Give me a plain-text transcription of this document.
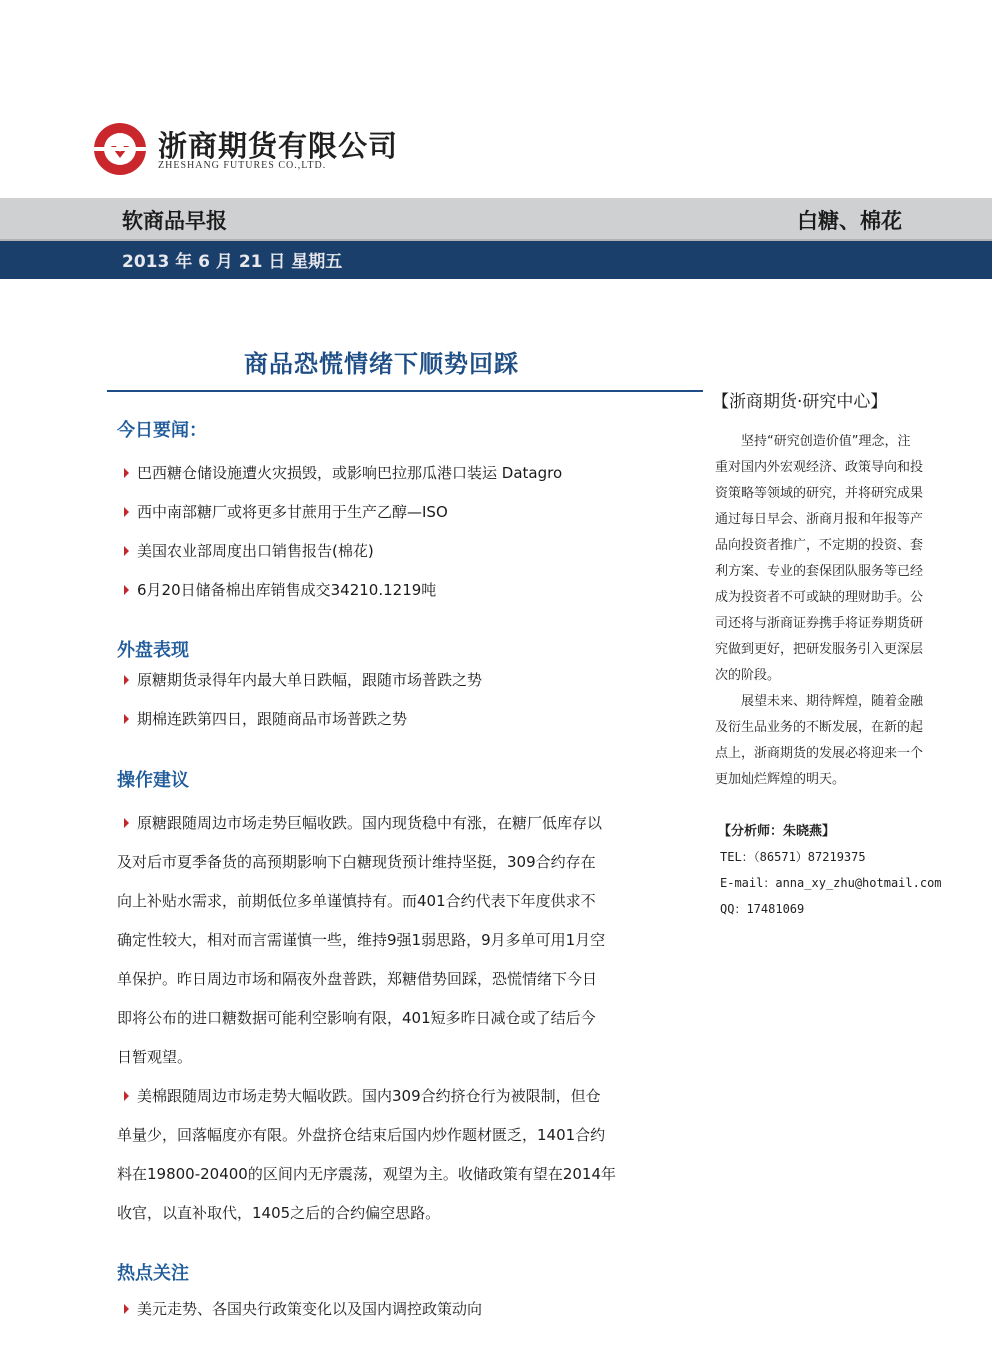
浙商期货有限公司
ZHESHANG FUTURES CO.,LTD.
软商品早报	白糖、棉花
2013 年 6 月 21 日 星期五
商品恐慌情绪下顺势回踩
今日要闻：
巴西糖仓储设施遭火灾损毁，或影响巴拉那瓜港口装运 Datagro
西中南部糖厂或将更多甘蔗用于生产乙醇—ISO
美国农业部周度出口销售报告(棉花)
6月20日储备棉出库销售成交34210.1219吨
外盘表现
原糖期货录得年内最大单日跌幅，跟随市场普跌之势
期棉连跌第四日，跟随商品市场普跌之势
操作建议
原糖跟随周边市场走势巨幅收跌。国内现货稳中有涨，在糖厂低库存以
及对后市夏季备货的高预期影响下白糖现货预计维持坚挺，309合约存在
向上补贴水需求，前期低位多单谨慎持有。而401合约代表下年度供求不
确定性较大，相对而言需谨慎一些，维持9强1弱思路，9月多单可用1月空
单保护。昨日周边市场和隔夜外盘普跌，郑糖借势回踩，恐慌情绪下今日
即将公布的进口糖数据可能利空影响有限，401短多昨日减仓或了结后今
日暂观望。
美棉跟随周边市场走势大幅收跌。国内309合约挤仓行为被限制，但仓
单量少，回落幅度亦有限。外盘挤仓结束后国内炒作题材匮乏，1401合约
料在19800-20400的区间内无序震荡，观望为主。收储政策有望在2014年
收官，以直补取代，1405之后的合约偏空思路。
热点关注
美元走势、各国央行政策变化以及国内调控政策动向
【浙商期货·研究中心】
　　坚持“研究创造价值”理念，注
重对国内外宏观经济、政策导向和投
资策略等领域的研究，并将研究成果
通过每日早会、浙商月报和年报等产
品向投资者推广，不定期的投资、套
利方案、专业的套保团队服务等已经
成为投资者不可或缺的理财助手。公
司还将与浙商证券携手将证券期货研
究做到更好，把研发服务引入更深层
次的阶段。
　　展望未来、期待辉煌，随着金融
及衍生品业务的不断发展，在新的起
点上，浙商期货的发展必将迎来一个
更加灿烂辉煌的明天。
【分析师：朱晓燕】
TEL：（86571）87219375
E-mail：anna_xy_zhu@hotmail.com
QQ：17481069
